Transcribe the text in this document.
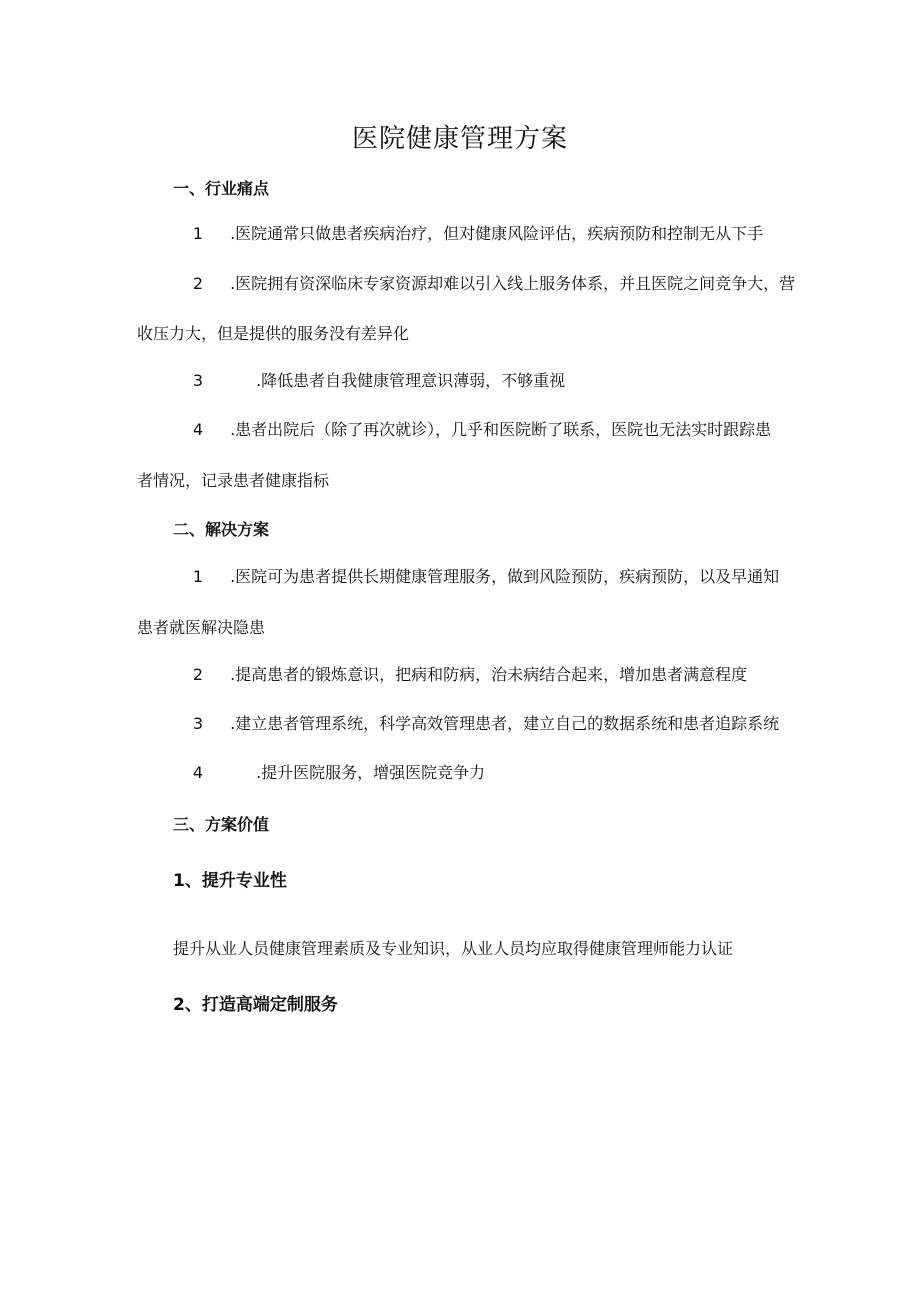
医院健康管理方案
一、行业痛点
1 .医院通常只做患者疾病治疗，但对健康风险评估，疾病预防和控制无从下手
2 .医院拥有资深临床专家资源却难以引入线上服务体系，并且医院之间竞争大，营
收压力大，但是提供的服务没有差异化
3	.降低患者自我健康管理意识薄弱，不够重视
4 .患者出院后（除了再次就诊），几乎和医院断了联系，医院也无法实时跟踪患
者情况，记录患者健康指标
二、解决方案
1 .医院可为患者提供长期健康管理服务，做到风险预防，疾病预防，以及早通知
患者就医解决隐患
2 .提高患者的锻炼意识，把病和防病，治未病结合起来，增加患者满意程度
3 .建立患者管理系统，科学高效管理患者，建立自己的数据系统和患者追踪系统
4	.提升医院服务，增强医院竞争力
三、方案价值
1、提升专业性
提升从业人员健康管理素质及专业知识，从业人员均应取得健康管理师能力认证
2、打造高端定制服务
